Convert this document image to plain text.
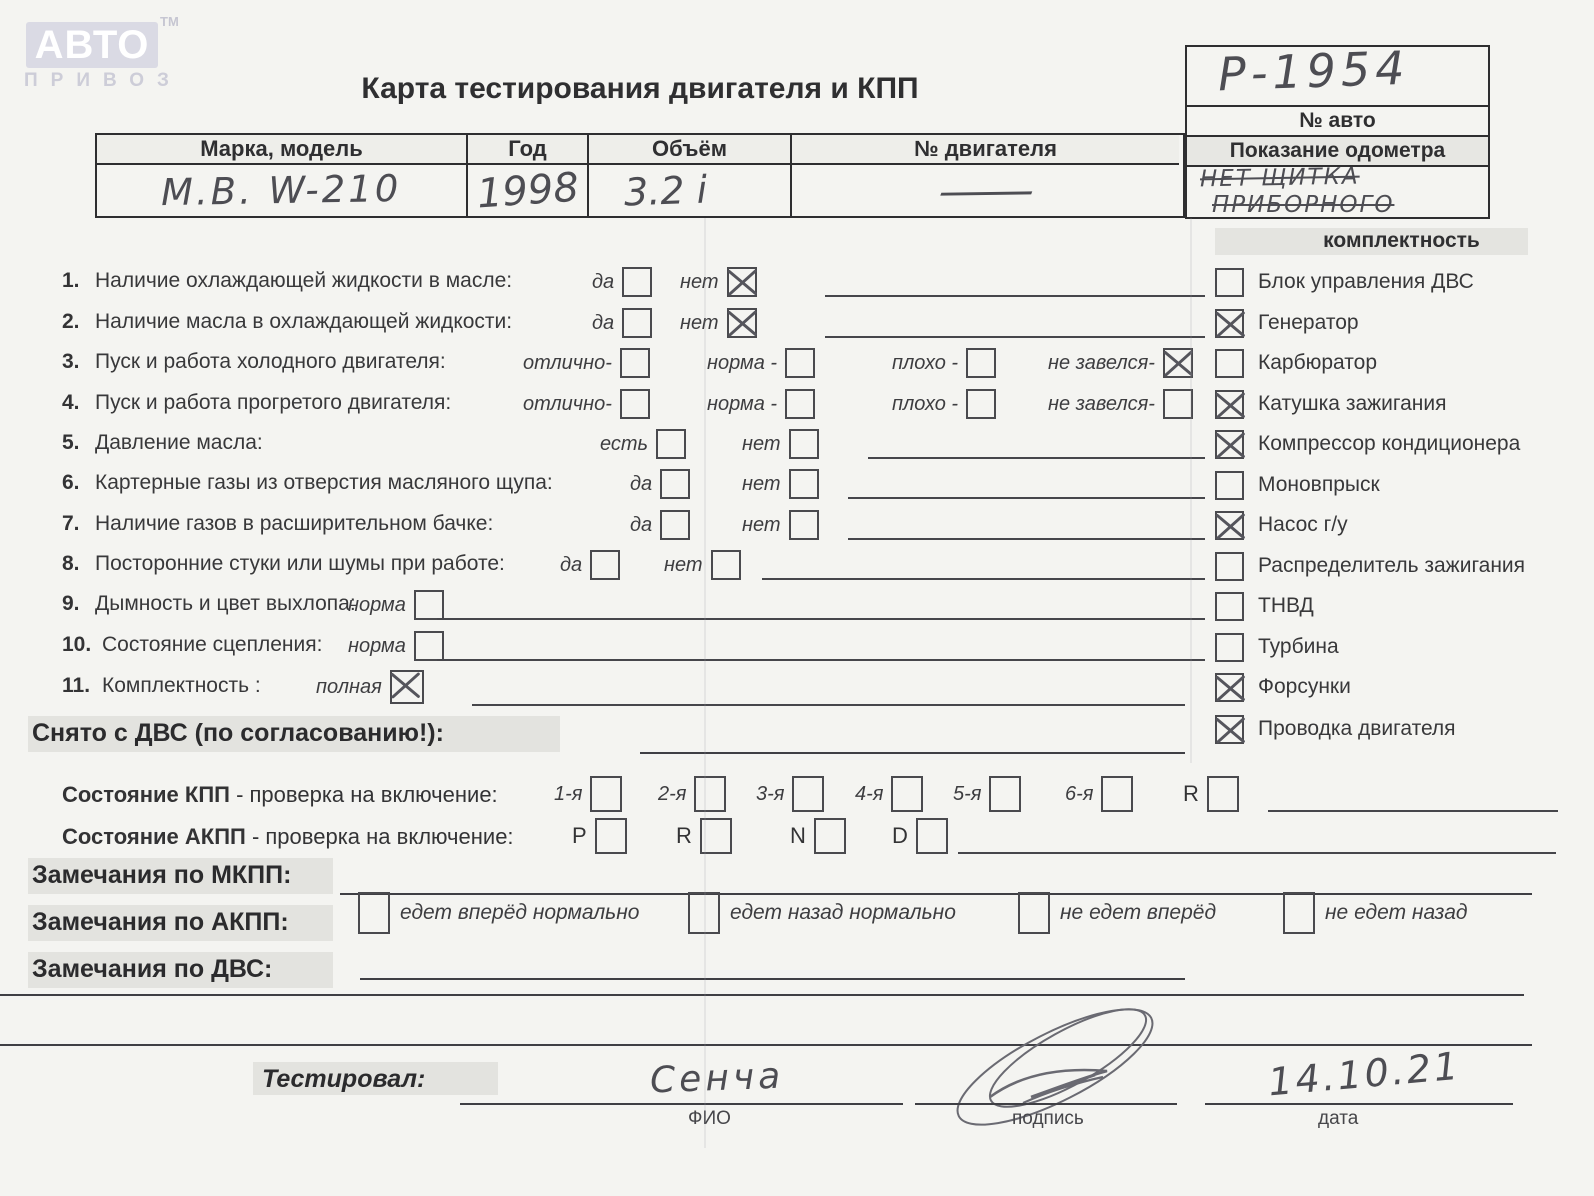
АВТО
ТМ
ПРИВОЗ	Карта тестирования двигателя и КПП
Марка, модель
М.В. W-210
Год
1998
Объём
3.2 i
№ двигателя
—
№ авто
Показание одометра
Р-1954
НЕТ ЩИТКА
ПРИБОРНОГО
комплектность
Блок управления ДВС
Генератор
Карбюратор
Катушка зажигания
Компрессор кондиционера
Моновпрыск
Насос г/у
Распределитель зажигания
ТНВД
Турбина
Форсунки
Проводка двигателя
1. Наличие охлаждающей жидкости в масле:	да	нет
2. Наличие масла в охлаждающей жидкости:	да	нет
3. Пуск и работа холодного двигателя:	отлично-	норма -	плохо -	не завелся-
4. Пуск и работа прогретого двигателя:	отлично-	норма -	плохо -	не завелся-
5. Давление масла:	есть	нет
6. Картерные газы из отверстия масляного щупа:	да	нет
7. Наличие газов в расширительном бачке:	да	нет
8. Посторонние стуки или шумы при работе:	да	нет
9. Дымность и цвет выхлопа:
норма
10. Состояние сцепления: норма
11. Комплектность :	полная
Снято с ДВС (по согласованию!):
Состояние КПП - проверка на включение:	1-я	2-я	3-я	4-я	5-я	6-я	R
Состояние АКПП - проверка на включение:	P	R	N	D
Замечания по МКПП:
Замечания по АКПП:	едет вперёд нормально	едет назад нормально	не едет вперёд	не едет назад
Замечания по ДВС:
Тестировал:	Сенча
ФИО	подпись
14.10.21
дата
